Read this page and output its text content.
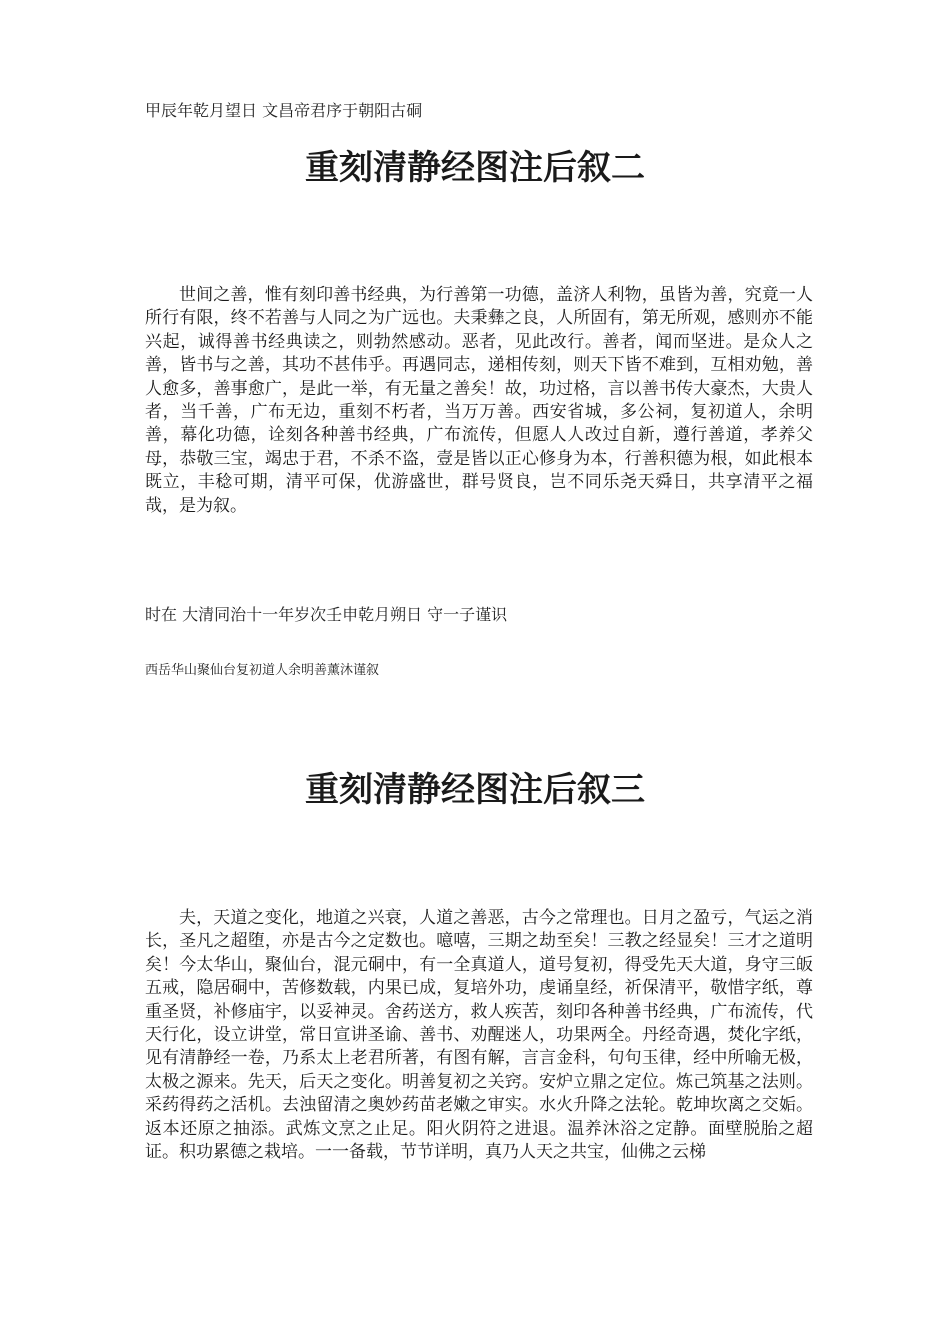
甲辰年乾月望日 文昌帝君序于朝阳古硐
重刻清静经图注后叙二

世间之善，惟有刻印善书经典，为行善第一功德，盖济人利物，虽皆为善，究竟一人所行有限，终不若善与人同之为广远也。夫秉彝之良，人所固有，第无所观，感则亦不能兴起，诚得善书经典读之，则勃然感动。恶者，见此改行。善者，闻而坚进。是众人之善，皆书与之善，其功不甚伟乎。再遇同志，递相传刻，则天下皆不难到，互相劝勉，善人愈多，善事愈广，是此一举，有无量之善矣！故，功过格，言以善书传大豪杰，大贵人者，当千善，广布无边，重刻不朽者，当万万善。西安省城，多公祠，复初道人，余明善，幕化功德，诠刻各种善书经典，广布流传，但愿人人改过自新，遵行善道，孝养父母，恭敬三宝，竭忠于君，不杀不盗，壹是皆以正心修身为本，行善积德为根，如此根本既立，丰稔可期，清平可保，优游盛世，群号贤良，岂不同乐尧天舜日，共享清平之福哉，是为叙。

时在 大清同治十一年岁次壬申乾月朔日 守一子谨识
西岳华山聚仙台复初道人余明善薰沐谨叙
重刻清静经图注后叙三

夫，天道之变化，地道之兴衰，人道之善恶，古今之常理也。日月之盈亏，气运之消长，圣凡之超堕，亦是古今之定数也。噫嘻，三期之劫至矣！三教之经显矣！三才之道明矣！今太华山，聚仙台，混元硐中，有一全真道人，道号复初，得受先天大道，身守三皈五戒，隐居硐中，苦修数载，内果已成，复培外功，虔诵皇经，祈保清平，敬惜字纸，尊重圣贤，补修庙宇，以妥神灵。舍药送方，救人疾苦，刻印各种善书经典，广布流传，代天行化，设立讲堂，常日宣讲圣谕、善书、劝醒迷人，功果两全。丹经奇遇，焚化字纸，见有清静经一卷，乃系太上老君所著，有图有解，言言金科，句句玉律，经中所喻无极，太极之源来。先天，后天之变化。明善复初之关窍。安炉立鼎之定位。炼己筑基之法则。采药得药之活机。去浊留清之奥妙药苗老嫩之审实。水火升降之法轮。乾坤坎离之交姤。返本还原之抽添。武炼文烹之止足。阳火阴符之进退。温养沐浴之定静。面壁脱胎之超证。积功累德之栽培。一一备载，节节详明，真乃人天之共宝，仙佛之云梯
